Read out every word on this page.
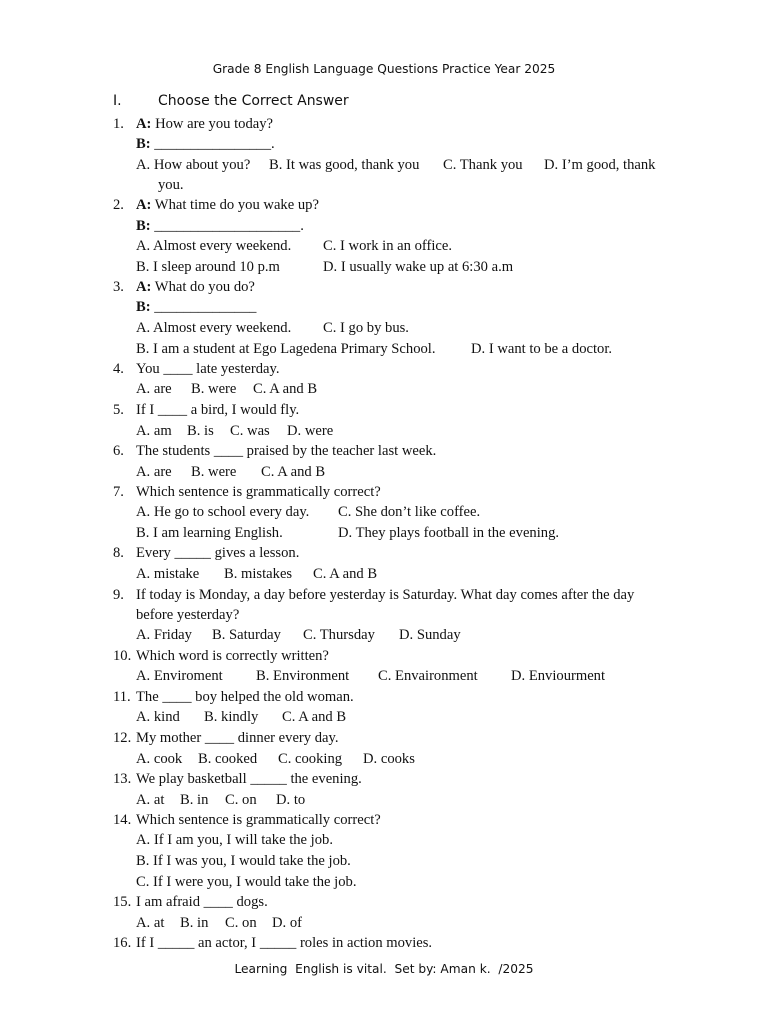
Grade 8 English Language Questions Practice Year 2025
I.	Choose the Correct Answer
1. A: How are you today?
B: ________________.
A. How about you? B. It was good, thank you C. Thank you D. I’m good, thank
you.
2. A: What time do you wake up?
B: ____________________.
A. Almost every weekend. C. I work in an office.
B. I sleep around 10 p.m	D. I usually wake up at 6:30 a.m
3. A: What do you do?
B: ______________
A. Almost every weekend. C. I go by bus.
B. I am a student at Ego Lagedena Primary School. D. I want to be a doctor.
4. You ____ late yesterday.
A. are B. were C. A and B
5. If I ____ a bird, I would fly.
A. am B. is C. was D. were
6. The students ____ praised by the teacher last week.
A. are B. were C. A and B
7. Which sentence is grammatically correct?
A. He go to school every day. C. She don’t like coffee.
B. I am learning English.	D. They plays football in the evening.
8. Every _____ gives a lesson.
A. mistake B. mistakes C. A and B
9. If today is Monday, a day before yesterday is Saturday. What day comes after the day
before yesterday?
A. Friday B. Saturday C. Thursday D. Sunday
10. Which word is correctly written?
A. Enviroment B. Environment C. Envaironment D. Enviourment
11. The ____ boy helped the old woman.
A. kind B. kindly C. A and B
12. My mother ____ dinner every day.
A. cook B. cooked C. cooking D. cooks
13. We play basketball _____ the evening.
A. at B. in C. on D. to
14. Which sentence is grammatically correct?
A. If I am you, I will take the job.
B. If I was you, I would take the job.
C. If I were you, I would take the job.
15. I am afraid ____ dogs.
A. at B. in C. on D. of
16. If I _____ an actor, I _____ roles in action movies.
Learning  English is vital.  Set by: Aman k.  /2025
